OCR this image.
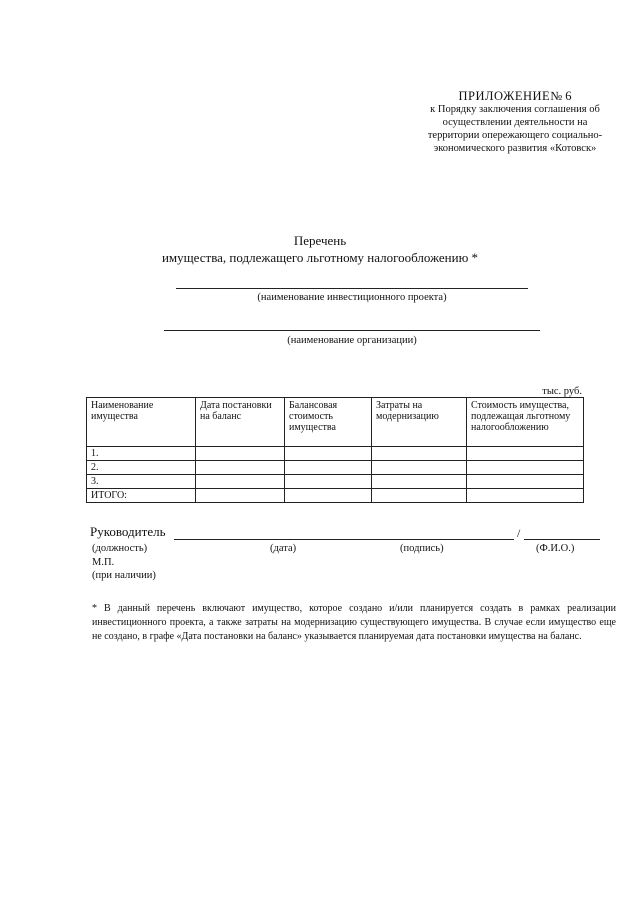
ПРИЛОЖЕНИЕ№ 6
к Порядку заключения соглашения об
осуществлении деятельности на
территории опережающего социально-
экономического развития «Котовск»
Перечень
имущества, подлежащего льготному налогообложению *
(наименование инвестиционного проекта)
(наименование организации)
тыс. руб.
Наименование имущества	Дата постановки на баланс	Балансовая стоимость имущества	Затраты на модернизацию	Стоимость имущества, подлежащая льготному налогообложению
1.				
2.				
3.				
ИТОГО:				
Руководитель	/
(должность)	(дата)	(подпись)	(Ф.И.О.)
М.П.
(при наличии)
* В данный перечень включают имущество, которое создано и/или планируется создать в рамках реализации инвестиционного проекта, а также затраты на модернизацию существующего имущества. В случае если имущество еще не создано, в графе «Дата постановки на баланс» указывается планируемая дата постановки имущества на баланс.
